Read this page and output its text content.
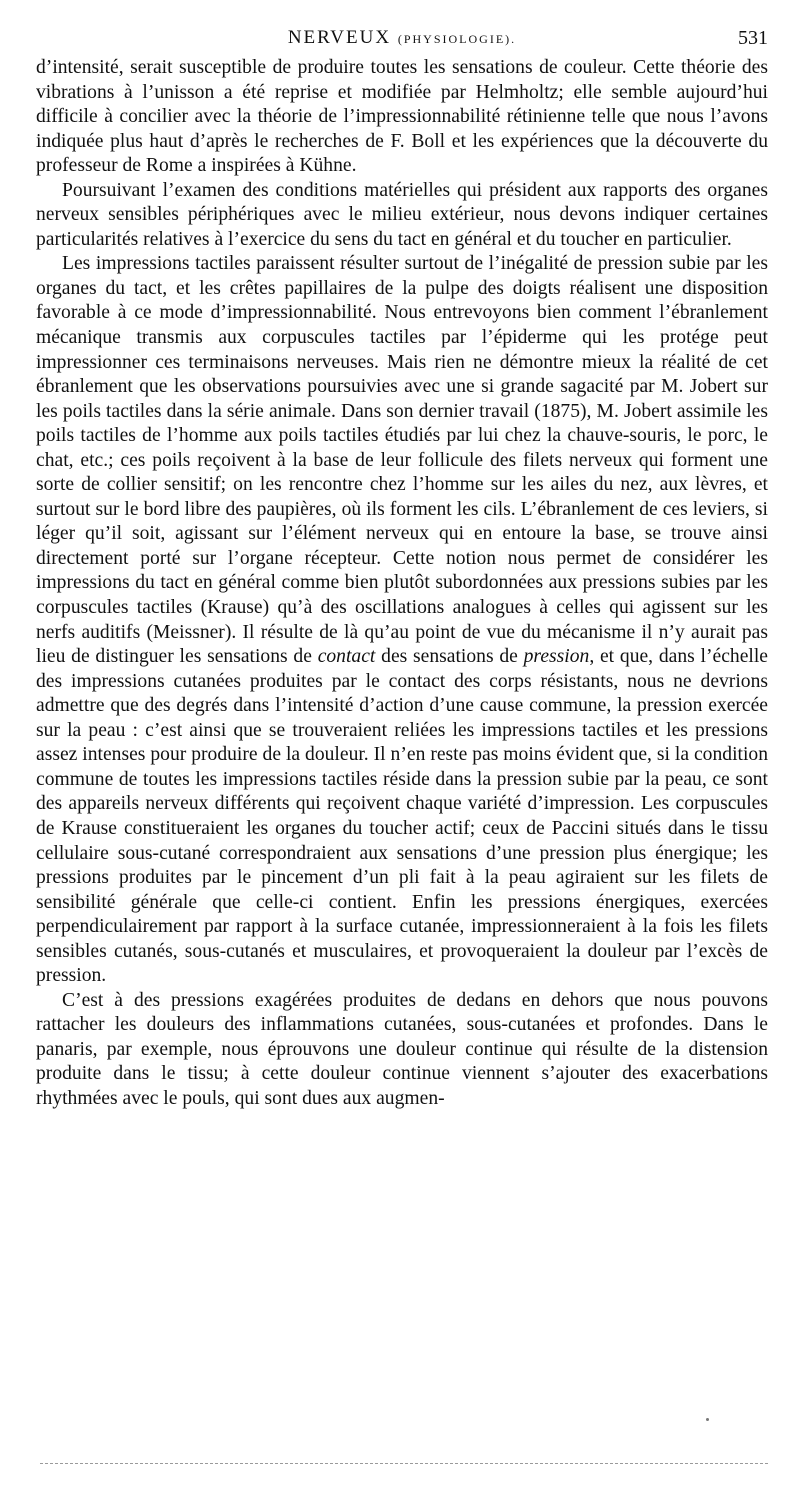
NERVEUX (PHYSIOLOGIE).	531

d’intensité, serait susceptible de produire toutes les sensations de couleur. Cette théorie des vibrations à l’unisson a été reprise et modifiée par Helmholtz; elle semble aujourd’hui difficile à concilier avec la théorie de l’impressionnabilité rétinienne telle que nous l’avons indiquée plus haut d’après le recherches de F. Boll et les expériences que la découverte du professeur de Rome a inspirées à Kühne.

Poursuivant l’examen des conditions matérielles qui président aux rapports des organes nerveux sensibles périphériques avec le milieu extérieur, nous devons indiquer certaines particularités relatives à l’exercice du sens du tact en général et du toucher en particulier.

Les impressions tactiles paraissent résulter surtout de l’inégalité de pression subie par les organes du tact, et les crêtes papillaires de la pulpe des doigts réalisent une disposition favorable à ce mode d’impressionnabilité. Nous entrevoyons bien comment l’ébranlement mécanique transmis aux corpuscules tactiles par l’épiderme qui les protége peut impressionner ces terminaisons nerveuses. Mais rien ne démontre mieux la réalité de cet ébranlement que les observations poursuivies avec une si grande sagacité par M. Jobert sur les poils tactiles dans la série animale. Dans son dernier travail (1875), M. Jobert assimile les poils tactiles de l’homme aux poils tactiles étudiés par lui chez la chauve-souris, le porc, le chat, etc.; ces poils reçoivent à la base de leur follicule des filets nerveux qui forment une sorte de collier sensitif; on les rencontre chez l’homme sur les ailes du nez, aux lèvres, et surtout sur le bord libre des paupières, où ils forment les cils. L’ébranlement de ces leviers, si léger qu’il soit, agissant sur l’élément nerveux qui en entoure la base, se trouve ainsi directement porté sur l’organe récepteur. Cette notion nous permet de considérer les impressions du tact en général comme bien plutôt subordonnées aux pressions subies par les corpuscules tactiles (Krause) qu’à des oscillations analogues à celles qui agissent sur les nerfs auditifs (Meissner). Il résulte de là qu’au point de vue du mécanisme il n’y aurait pas lieu de distinguer les sensations de contact des sensations de pression, et que, dans l’échelle des impressions cutanées produites par le contact des corps résistants, nous ne devrions admettre que des degrés dans l’intensité d’action d’une cause commune, la pression exercée sur la peau : c’est ainsi que se trouveraient reliées les impressions tactiles et les pressions assez intenses pour produire de la douleur. Il n’en reste pas moins évident que, si la condition commune de toutes les impressions tactiles réside dans la pression subie par la peau, ce sont des appareils nerveux différents qui reçoivent chaque variété d’impression. Les corpuscules de Krause constitueraient les organes du toucher actif; ceux de Paccini situés dans le tissu cellulaire sous-cutané correspondraient aux sensations d’une pression plus énergique; les pressions produites par le pincement d’un pli fait à la peau agiraient sur les filets de sensibilité générale que celle-ci contient. Enfin les pressions énergiques, exercées perpendiculairement par rapport à la surface cutanée, impressionneraient à la fois les filets sensibles cutanés, sous-cutanés et musculaires, et provoqueraient la douleur par l’excès de pression.

C’est à des pressions exagérées produites de dedans en dehors que nous pouvons rattacher les douleurs des inflammations cutanées, sous-cutanées et profondes. Dans le panaris, par exemple, nous éprouvons une douleur continue qui résulte de la distension produite dans le tissu; à cette douleur continue viennent s’ajouter des exacerbations rhythmées avec le pouls, qui sont dues aux augmen-
